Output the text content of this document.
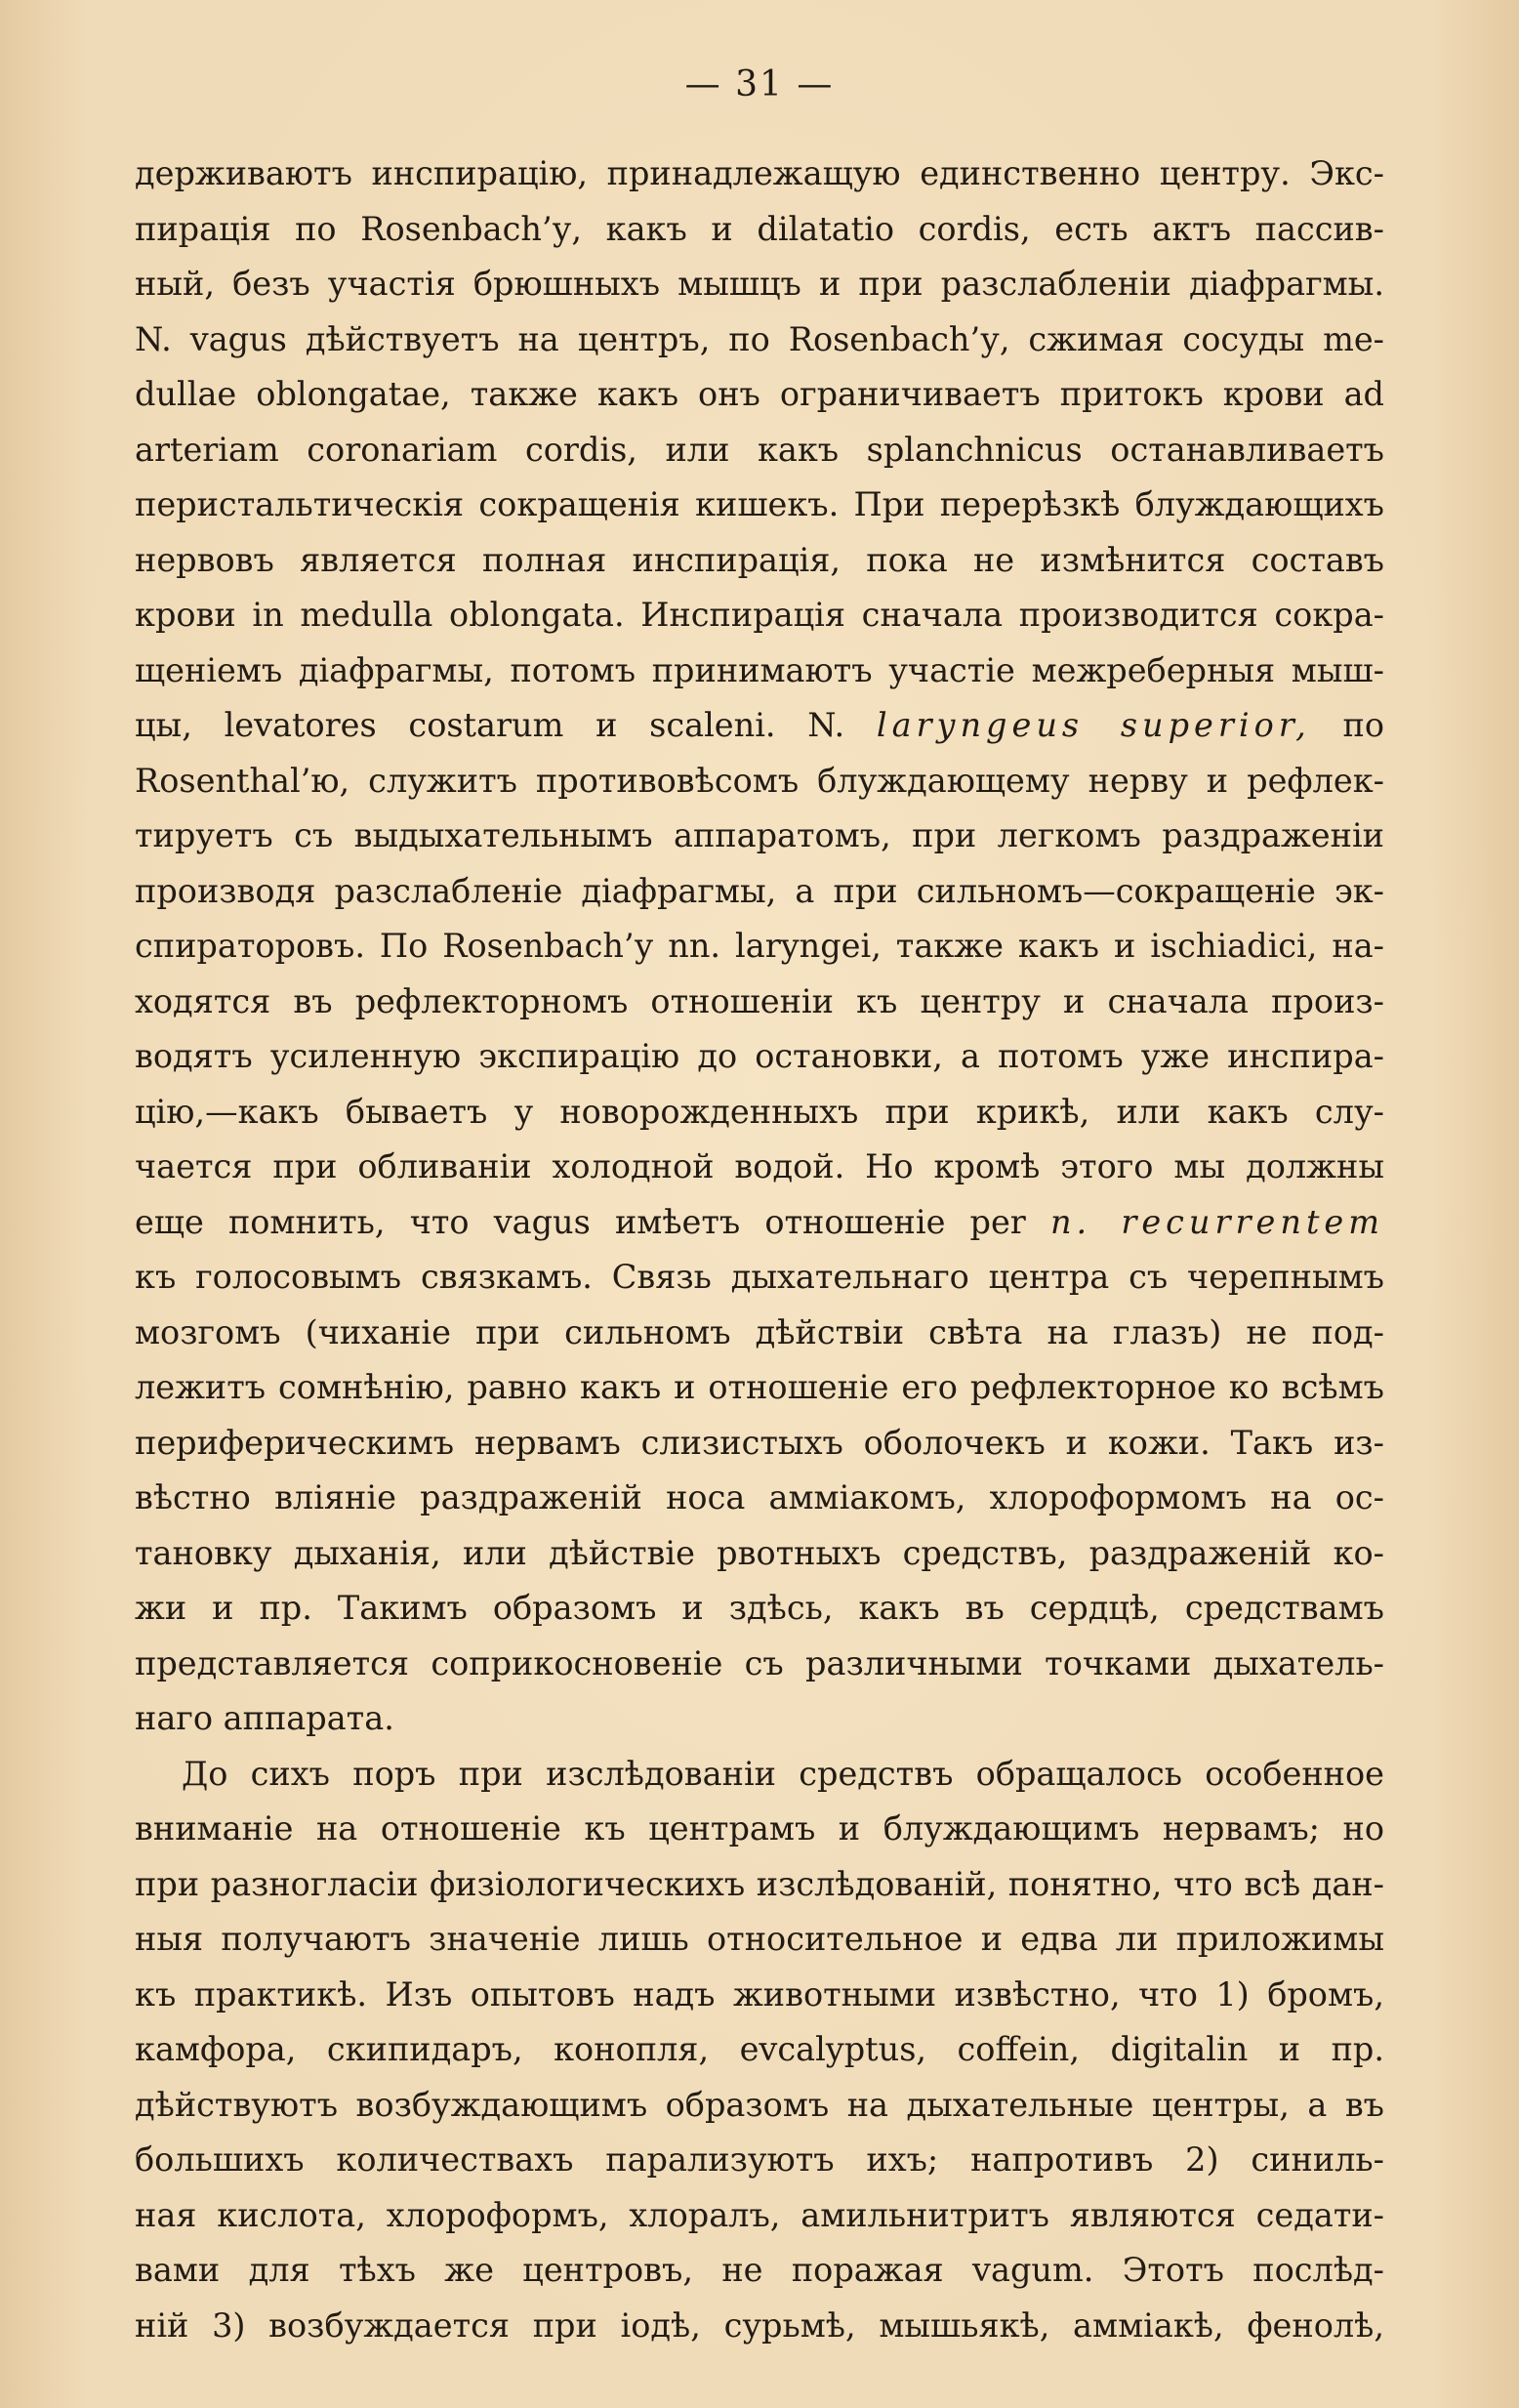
— 31 —
держиваютъ инспирацію, принадлежащую единственно центру. Экс-
пирація по Rosenbach’у, какъ и dilatatio cordis, есть актъ пассив-
ный, безъ участія брюшныхъ мышцъ и при разслабленіи діафрагмы.
N. vagus дѣйствуетъ на центръ, по Rosenbach’у, сжимая сосуды me-
dullae oblongatae, также какъ онъ ограничиваетъ притокъ крови ad
arteriam coronariam cordis, или какъ splanchnicus останавливаетъ
перистальтическія сокращенія кишекъ. При перерѣзкѣ блуждающихъ
нервовъ является полная инспирація, пока не измѣнится составъ
крови in medulla oblongata. Инспирація сначала производится сокра-
щеніемъ діафрагмы, потомъ принимаютъ участіе межреберныя мыш-
цы, levatores costarum и scaleni. N. laryngeus superior, по
Rosenthal’ю, служитъ противовѣсомъ блуждающему нерву и рефлек-
тируетъ съ выдыхательнымъ аппаратомъ, при легкомъ раздраженіи
производя разслабленіе діафрагмы, а при сильномъ—сокращеніе эк-
спираторовъ. По Rosenbach’у nn. laryngei, также какъ и ischiadici, на-
ходятся въ рефлекторномъ отношеніи къ центру и сначала произ-
водятъ усиленную экспирацію до остановки, а потомъ уже инспира-
цію,—какъ бываетъ у новорожденныхъ при крикѣ, или какъ слу-
чается при обливаніи холодной водой. Но кромѣ этого мы должны
еще помнить, что vagus имѣетъ отношеніе per n. recurrentem
къ голосовымъ связкамъ. Связь дыхательнаго центра съ черепнымъ
мозгомъ (чиханіе при сильномъ дѣйствіи свѣта на глазъ) не под-
лежитъ сомнѣнію, равно какъ и отношеніе его рефлекторное ко всѣмъ
периферическимъ нервамъ слизистыхъ оболочекъ и кожи. Такъ из-
вѣстно вліяніе раздраженій носа амміакомъ, хлороформомъ на ос-
тановку дыханія, или дѣйствіе рвотныхъ средствъ, раздраженій ко-
жи и пр. Такимъ образомъ и здѣсь, какъ въ сердцѣ, средствамъ
представляется соприкосновеніе съ различными точками дыхатель-
наго аппарата.
До сихъ поръ при изслѣдованіи средствъ обращалось особенное
вниманіе на отношеніе къ центрамъ и блуждающимъ нервамъ; но
при разногласіи физіологическихъ изслѣдованій, понятно, что всѣ дан-
ныя получаютъ значеніе лишь относительное и едва ли приложимы
къ практикѣ. Изъ опытовъ надъ животными извѣстно, что 1) бромъ,
камфора, скипидаръ, конопля, evcalyptus, coffein, digitalin и пр.
дѣйствуютъ возбуждающимъ образомъ на дыхательные центры, а въ
большихъ количествахъ парализуютъ ихъ; напротивъ 2) синиль-
ная кислота, хлороформъ, хлоралъ, амильнитритъ являются седати-
вами для тѣхъ же центровъ, не поражая vagum. Этотъ послѣд-
ній 3) возбуждается при іодѣ, сурьмѣ, мышьякѣ, амміакѣ, фенолѣ,
